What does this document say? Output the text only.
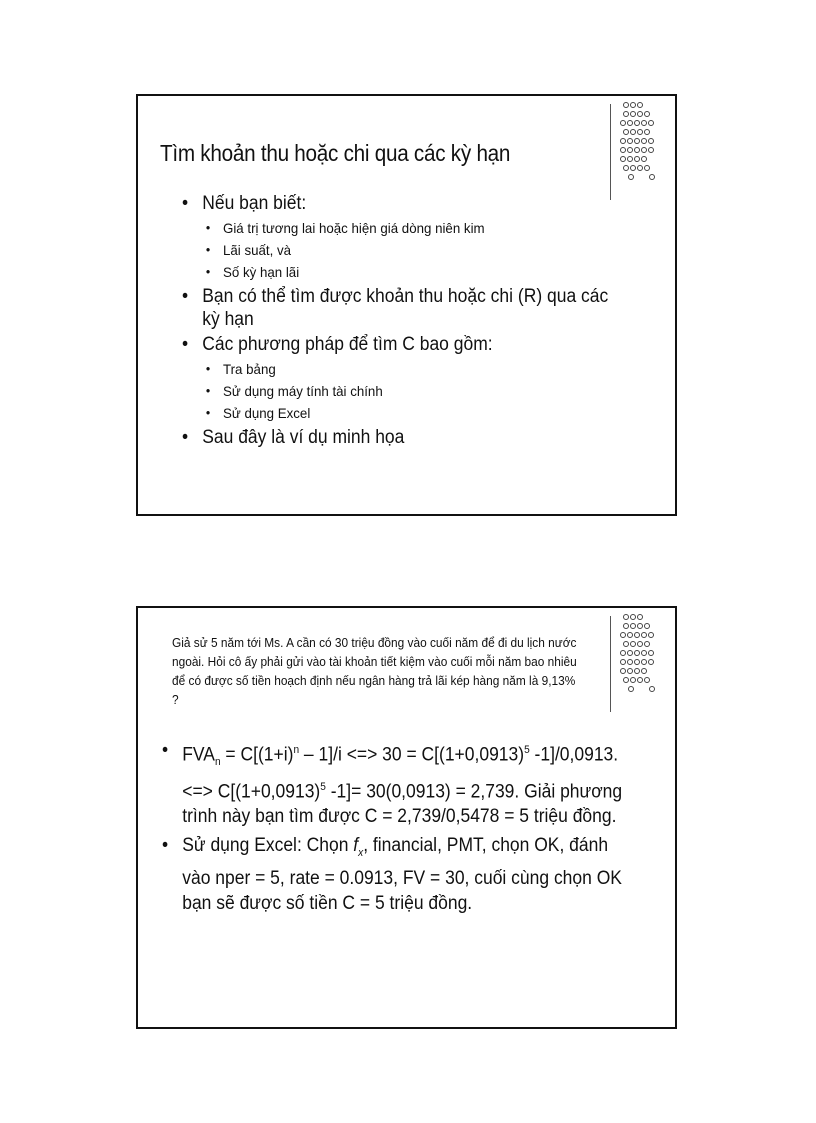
Tìm khoản thu hoặc chi qua các kỳ hạn
• Nếu bạn biết:
• Giá trị tương lai hoặc hiện giá dòng niên kim
• Lãi suất, và
• Số kỳ hạn lãi
• Bạn có thể tìm được khoản thu hoặc chi (R) qua các kỳ hạn
• Các phương pháp để tìm C bao gồm:
• Tra bảng
• Sử dụng máy tính tài chính
• Sử dụng Excel
• Sau đây là ví dụ minh họa
Giả sử 5 năm tới Ms. A cần có 30 triệu đồng vào cuối năm để đi du lịch nước ngoài. Hỏi cô ấy phải gửi vào tài khoản tiết kiệm vào cuối mỗi năm bao nhiêu để có được số tiền hoạch định nếu ngân hàng trả lãi kép hàng năm là 9,13% ?
• $FVA_n = C[(1+i)^n - 1]/i$ <=> $30 = C[(1+0,0913)^5$ -1]/0,0913. <=> $C[(1+0,0913)^5$ -1]= 30(0,0913) = 2,739. Giải phương trình này bạn tìm được C = 2,739/0,5478 = 5 triệu đồng.
• Sử dụng Excel: Chọn $f_x$, financial, PMT, chọn OK, đánh vào nper = 5, rate = 0.0913, FV = 30, cuối cùng chọn OK bạn sẽ được số tiền C = 5 triệu đồng.
